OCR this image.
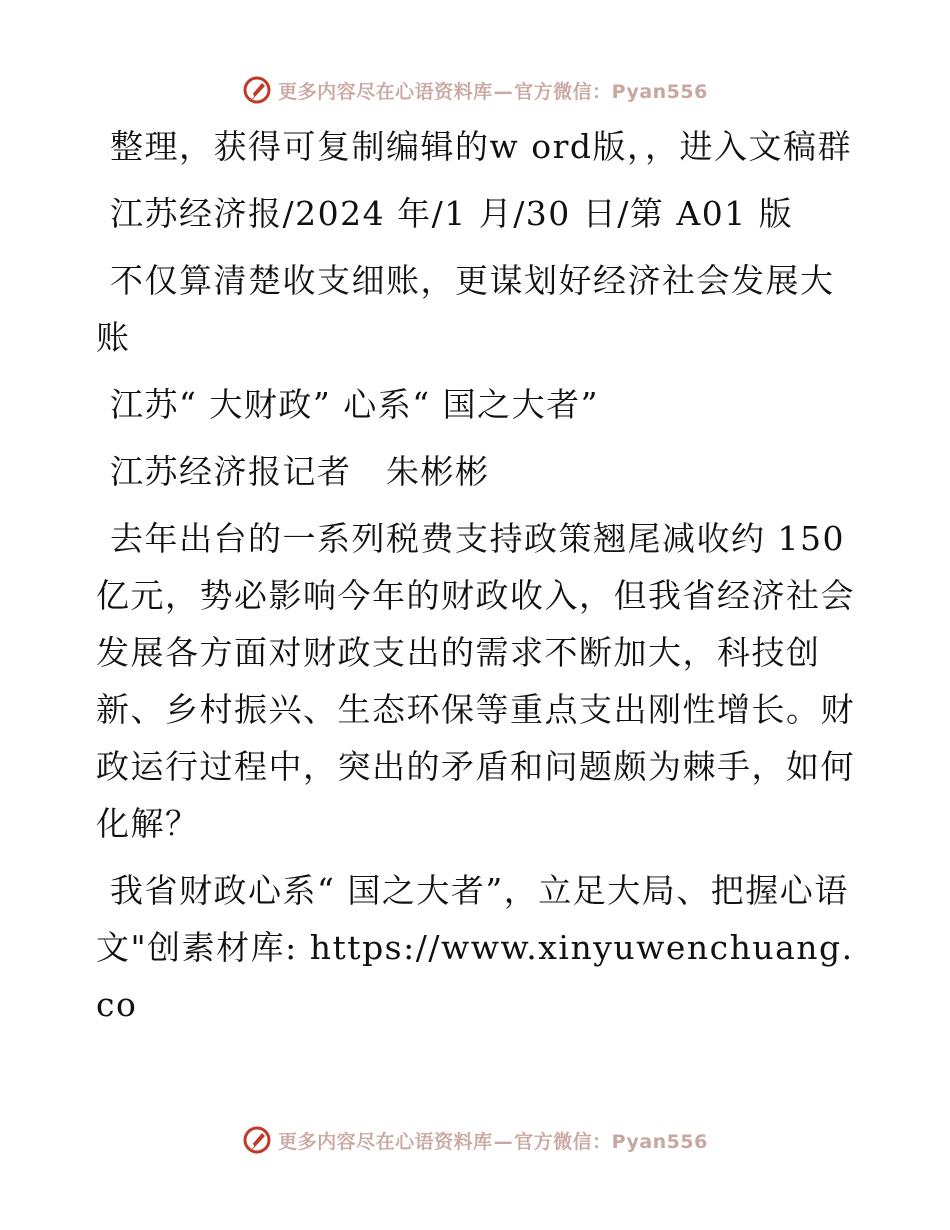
更多内容尽在心语资料库—官方微信：Pyan556

整理，获得可复制编辑的w ord版，，进入文稿群

江苏经济报/2024 年/1 月/30 日/第 A01 版

不仅算清楚收支细账，更谋划好经济社会发展大账

江苏“ 大财政” 心系“ 国之大者”

江苏经济报记者　朱彬彬

去年出台的一系列税费支持政策翘尾减收约 150 亿元，势必影响今年的财政收入，但我省经济社会发展各方面对财政支出的需求不断加大，科技创新、乡村振兴、生态环保等重点支出刚性增长。财政运行过程中，突出的矛盾和问题颇为棘手，如何化解？

我省财政心系“ 国之大者”，立足大局、把握心语文"创素材库: https://www.xinyuwenchuang.co

更多内容尽在心语资料库—官方微信：Pyan556
